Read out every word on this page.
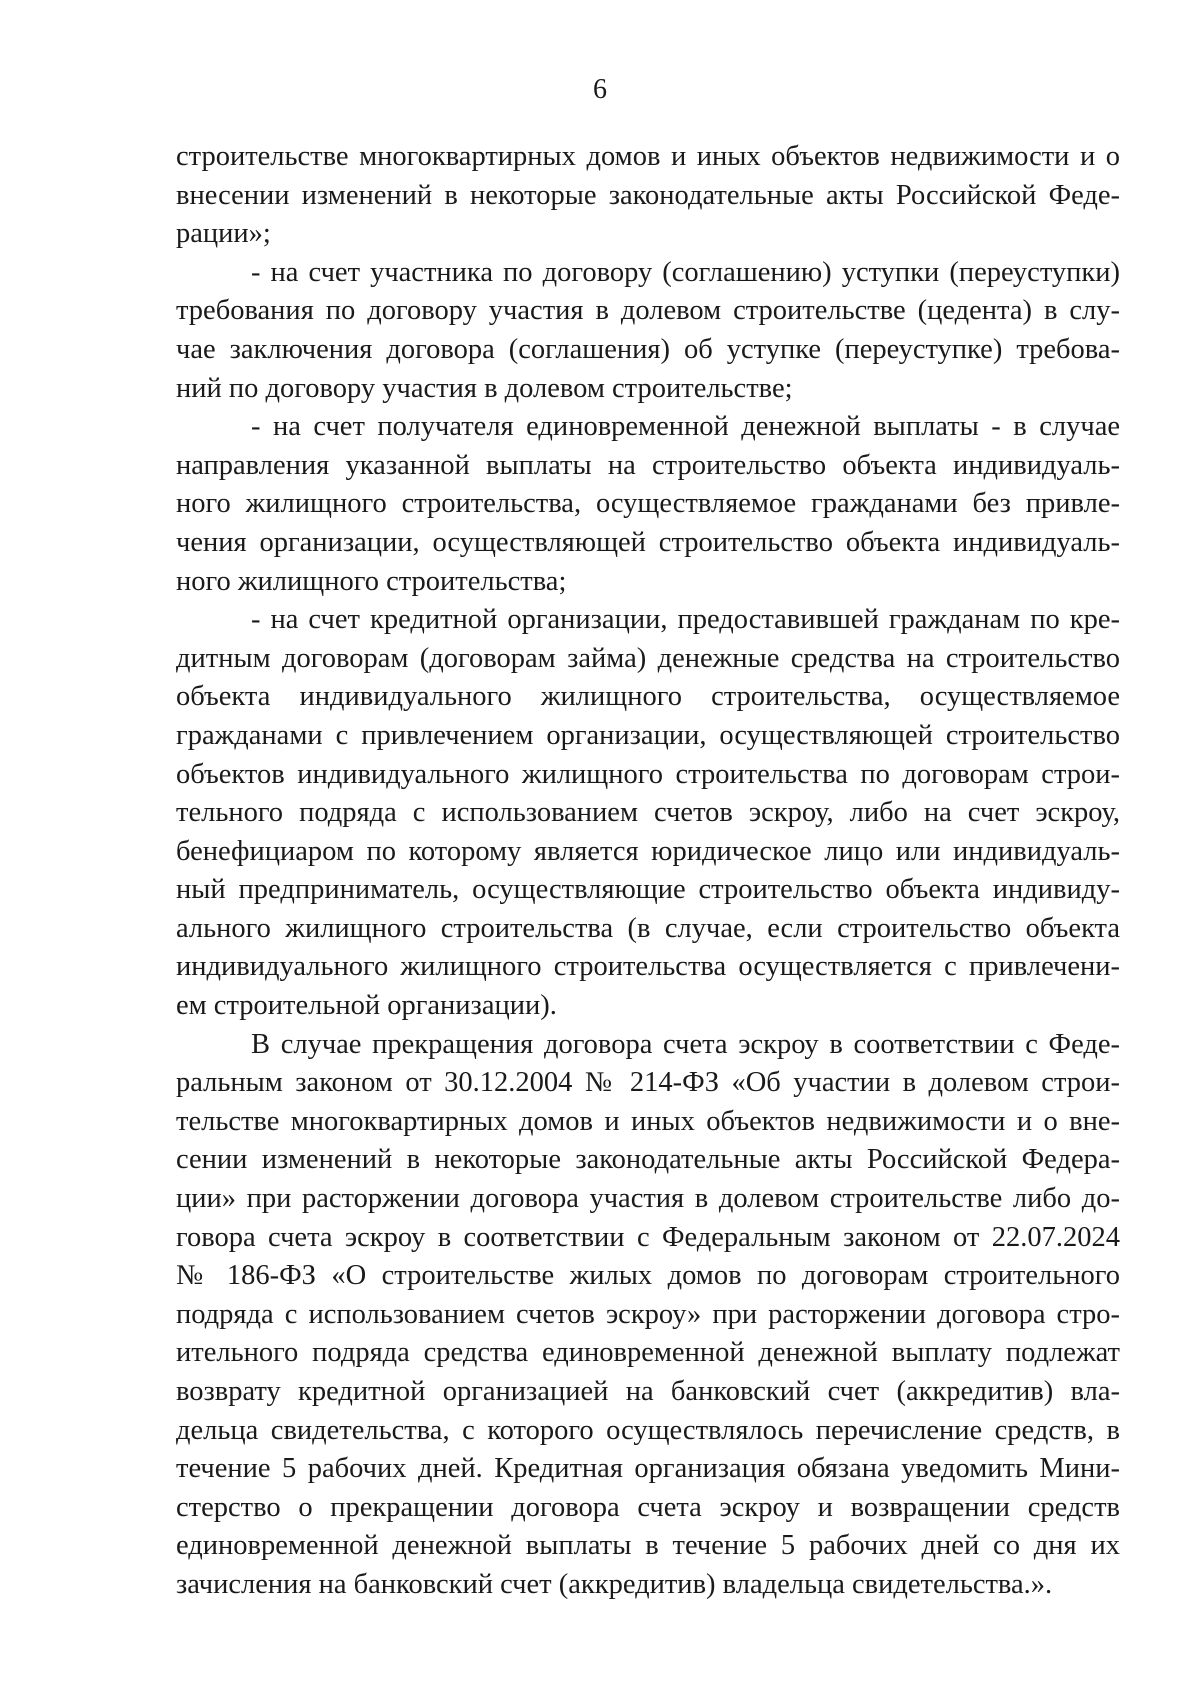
6
строительстве многоквартирных домов и иных объектов недвижимости и о
внесении изменений в некоторые законодательные акты Российской Феде-
рации»;
- на счет участника по договору (соглашению) уступки (переуступки)
требования по договору участия в долевом строительстве (цедента) в слу-
чае заключения договора (соглашения) об уступке (переуступке) требова-
ний по договору участия в долевом строительстве;
- на счет получателя единовременной денежной выплаты - в случае
направления указанной выплаты на строительство объекта индивидуаль-
ного жилищного строительства, осуществляемое гражданами без привле-
чения организации, осуществляющей строительство объекта индивидуаль-
ного жилищного строительства;
- на счет кредитной организации, предоставившей гражданам по кре-
дитным договорам (договорам займа) денежные средства на строительство
объекта индивидуального жилищного строительства, осуществляемое
гражданами с привлечением организации, осуществляющей строительство
объектов индивидуального жилищного строительства по договорам строи-
тельного подряда с использованием счетов эскроу, либо на счет эскроу,
бенефициаром по которому является юридическое лицо или индивидуаль-
ный предприниматель, осуществляющие строительство объекта индивиду-
ального жилищного строительства (в случае, если строительство объекта
индивидуального жилищного строительства осуществляется с привлечени-
ем строительной организации).
В случае прекращения договора счета эскроу в соответствии с Феде-
ральным законом от 30.12.2004 № 214-ФЗ «Об участии в долевом строи-
тельстве многоквартирных домов и иных объектов недвижимости и о вне-
сении изменений в некоторые законодательные акты Российской Федера-
ции» при расторжении договора участия в долевом строительстве либо до-
говора счета эскроу в соответствии с Федеральным законом от 22.07.2024
№ 186-ФЗ «О строительстве жилых домов по договорам строительного
подряда с использованием счетов эскроу» при расторжении договора стро-
ительного подряда средства единовременной денежной выплату подлежат
возврату кредитной организацией на банковский счет (аккредитив) вла-
дельца свидетельства, с которого осуществлялось перечисление средств, в
течение 5 рабочих дней. Кредитная организация обязана уведомить Мини-
стерство о прекращении договора счета эскроу и возвращении средств
единовременной денежной выплаты в течение 5 рабочих дней со дня их
зачисления на банковский счет (аккредитив) владельца свидетельства.».
